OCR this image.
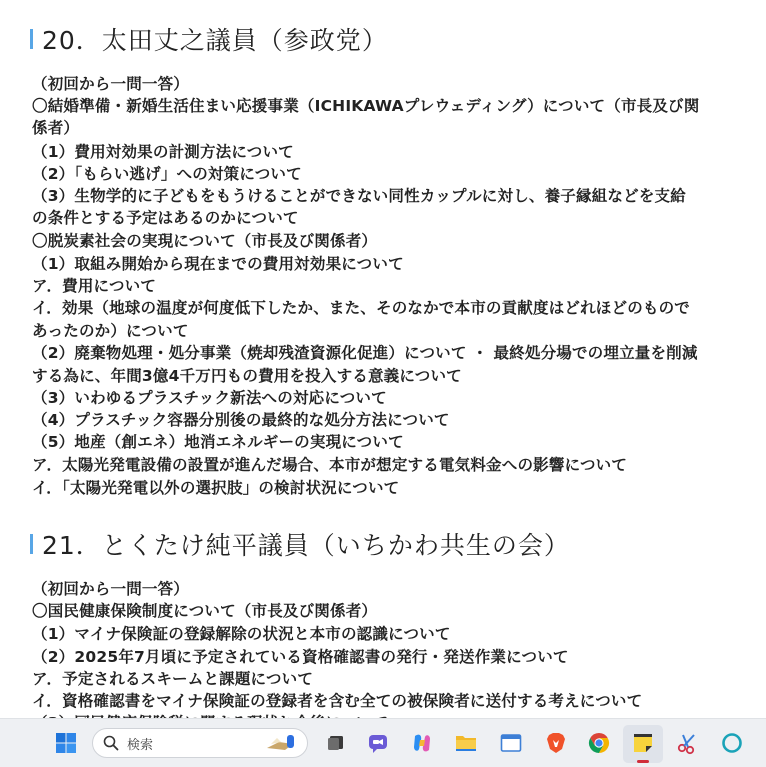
20．太田丈之議員（参政党）
（初回から一問一答）
〇結婚準備・新婚生活住まい応援事業（ICHIKAWAプレウェディング）について（市長及び関
係者）
（1）費用対効果の計測方法について
（2）「もらい逃げ」への対策について
（3）生物学的に子どもをもうけることができない同性カップルに対し、養子縁組などを支給
の条件とする予定はあるのかについて
〇脱炭素社会の実現について（市長及び関係者）
（1）取組み開始から現在までの費用対効果について
ア．費用について
イ．効果（地球の温度が何度低下したか、また、そのなかで本市の貢献度はどれほどのもので
あったのか）について
（2）廃棄物処理・処分事業（焼却残渣資源化促進）について ・ 最終処分場での埋立量を削減
する為に、年間3億4千万円もの費用を投入する意義について
（3）いわゆるプラスチック新法への対応について
（4）プラスチック容器分別後の最終的な処分方法について
（5）地産（創エネ）地消エネルギーの実現について
ア．太陽光発電設備の設置が進んだ場合、本市が想定する電気料金への影響について
イ．「太陽光発電以外の選択肢」の検討状況について
21．とくたけ純平議員（いちかわ共生の会）
（初回から一問一答）
〇国民健康保険制度について（市長及び関係者）
（1）マイナ保険証の登録解除の状況と本市の認識について
（2）2025年7月頃に予定されている資格確認書の発行・発送作業について
ア．予定されるスキームと課題について
イ．資格確認書をマイナ保険証の登録者を含む全ての被保険者に送付する考えについて
検索
